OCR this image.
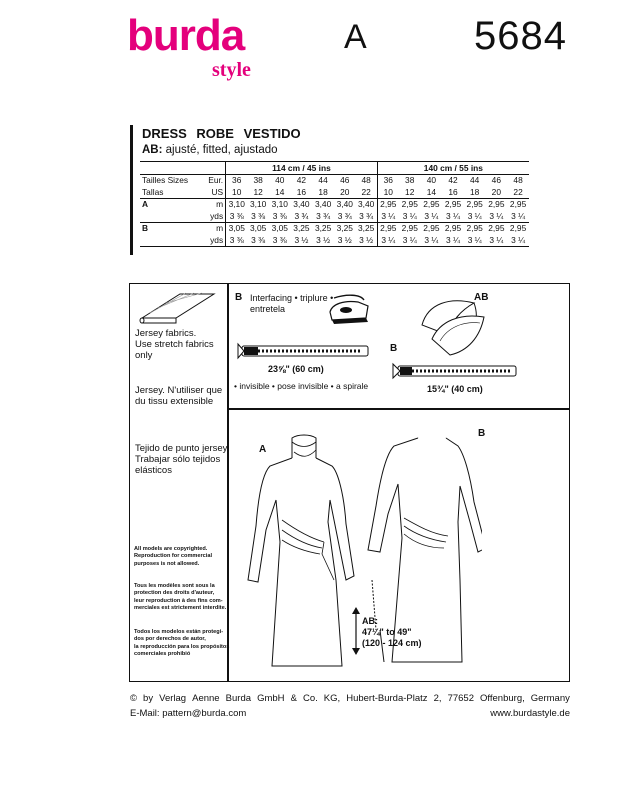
burda
style
A	5684
DRESS ROBE VESTIDO
AB: ajusté, fitted, ajustado
		114 cm / 45 ins							140 cm / 55 ins						
Tailles Sizes	Eur.	36	38	40	42	44	46	48	36	38	40	42	44	46	48
Tallas	US	10	12	14	16	18	20	22	10	12	14	16	18	20	22
A	m	3,10	3,10	3,10	3,40	3,40	3,40	3,40	2,95	2,95	2,95	2,95	2,95	2,95	2,95
	yds	3 ⅜	3 ⅜	3 ⅜	3 ¾	3 ¾	3 ¾	3 ¾	3 ¼	3 ¼	3 ¼	3 ¼	3 ¼	3 ¼	3 ¼
B	m	3,05	3,05	3,05	3,25	3,25	3,25	3,25	2,95	2,95	2,95	2,95	2,95	2,95	2,95
	yds	3 ⅜	3 ⅜	3 ⅜	3 ½	3 ½	3 ½	3 ½	3 ¼	3 ¼	3 ¼	3 ¼	3 ¼	3 ¼	3 ¼
Jersey fabrics.
Use stretch fabrics
only
Jersey. N'utiliser que
du tissu extensible
Tejido de punto jersey.
Trabajar sólo tejidos
elásticos
All models are copyrighted.
Reproduction for commercial
purposes is not allowed.
Tous les modèles sont sous la
protection des droits d'auteur,
leur reproduction à des fins com-
merciales est strictement interdite.
Todos los modelos están protegi-
dos por derechos de autor,
la reproducción para los propósitos
comerciales prohibió
B Interfacing • triplure •
entretela
AB
23⅝" (60 cm)
• invisible • pose invisible • a spirale
B
15¾" (40 cm)
A
B
AB:
47¼" to 49"
(120 - 124 cm)
© by Verlag Aenne Burda GmbH & Co. KG, Hubert-Burda-Platz 2, 77652 Offenburg, Germany
E-Mail: pattern@burda.com	www.burdastyle.de
